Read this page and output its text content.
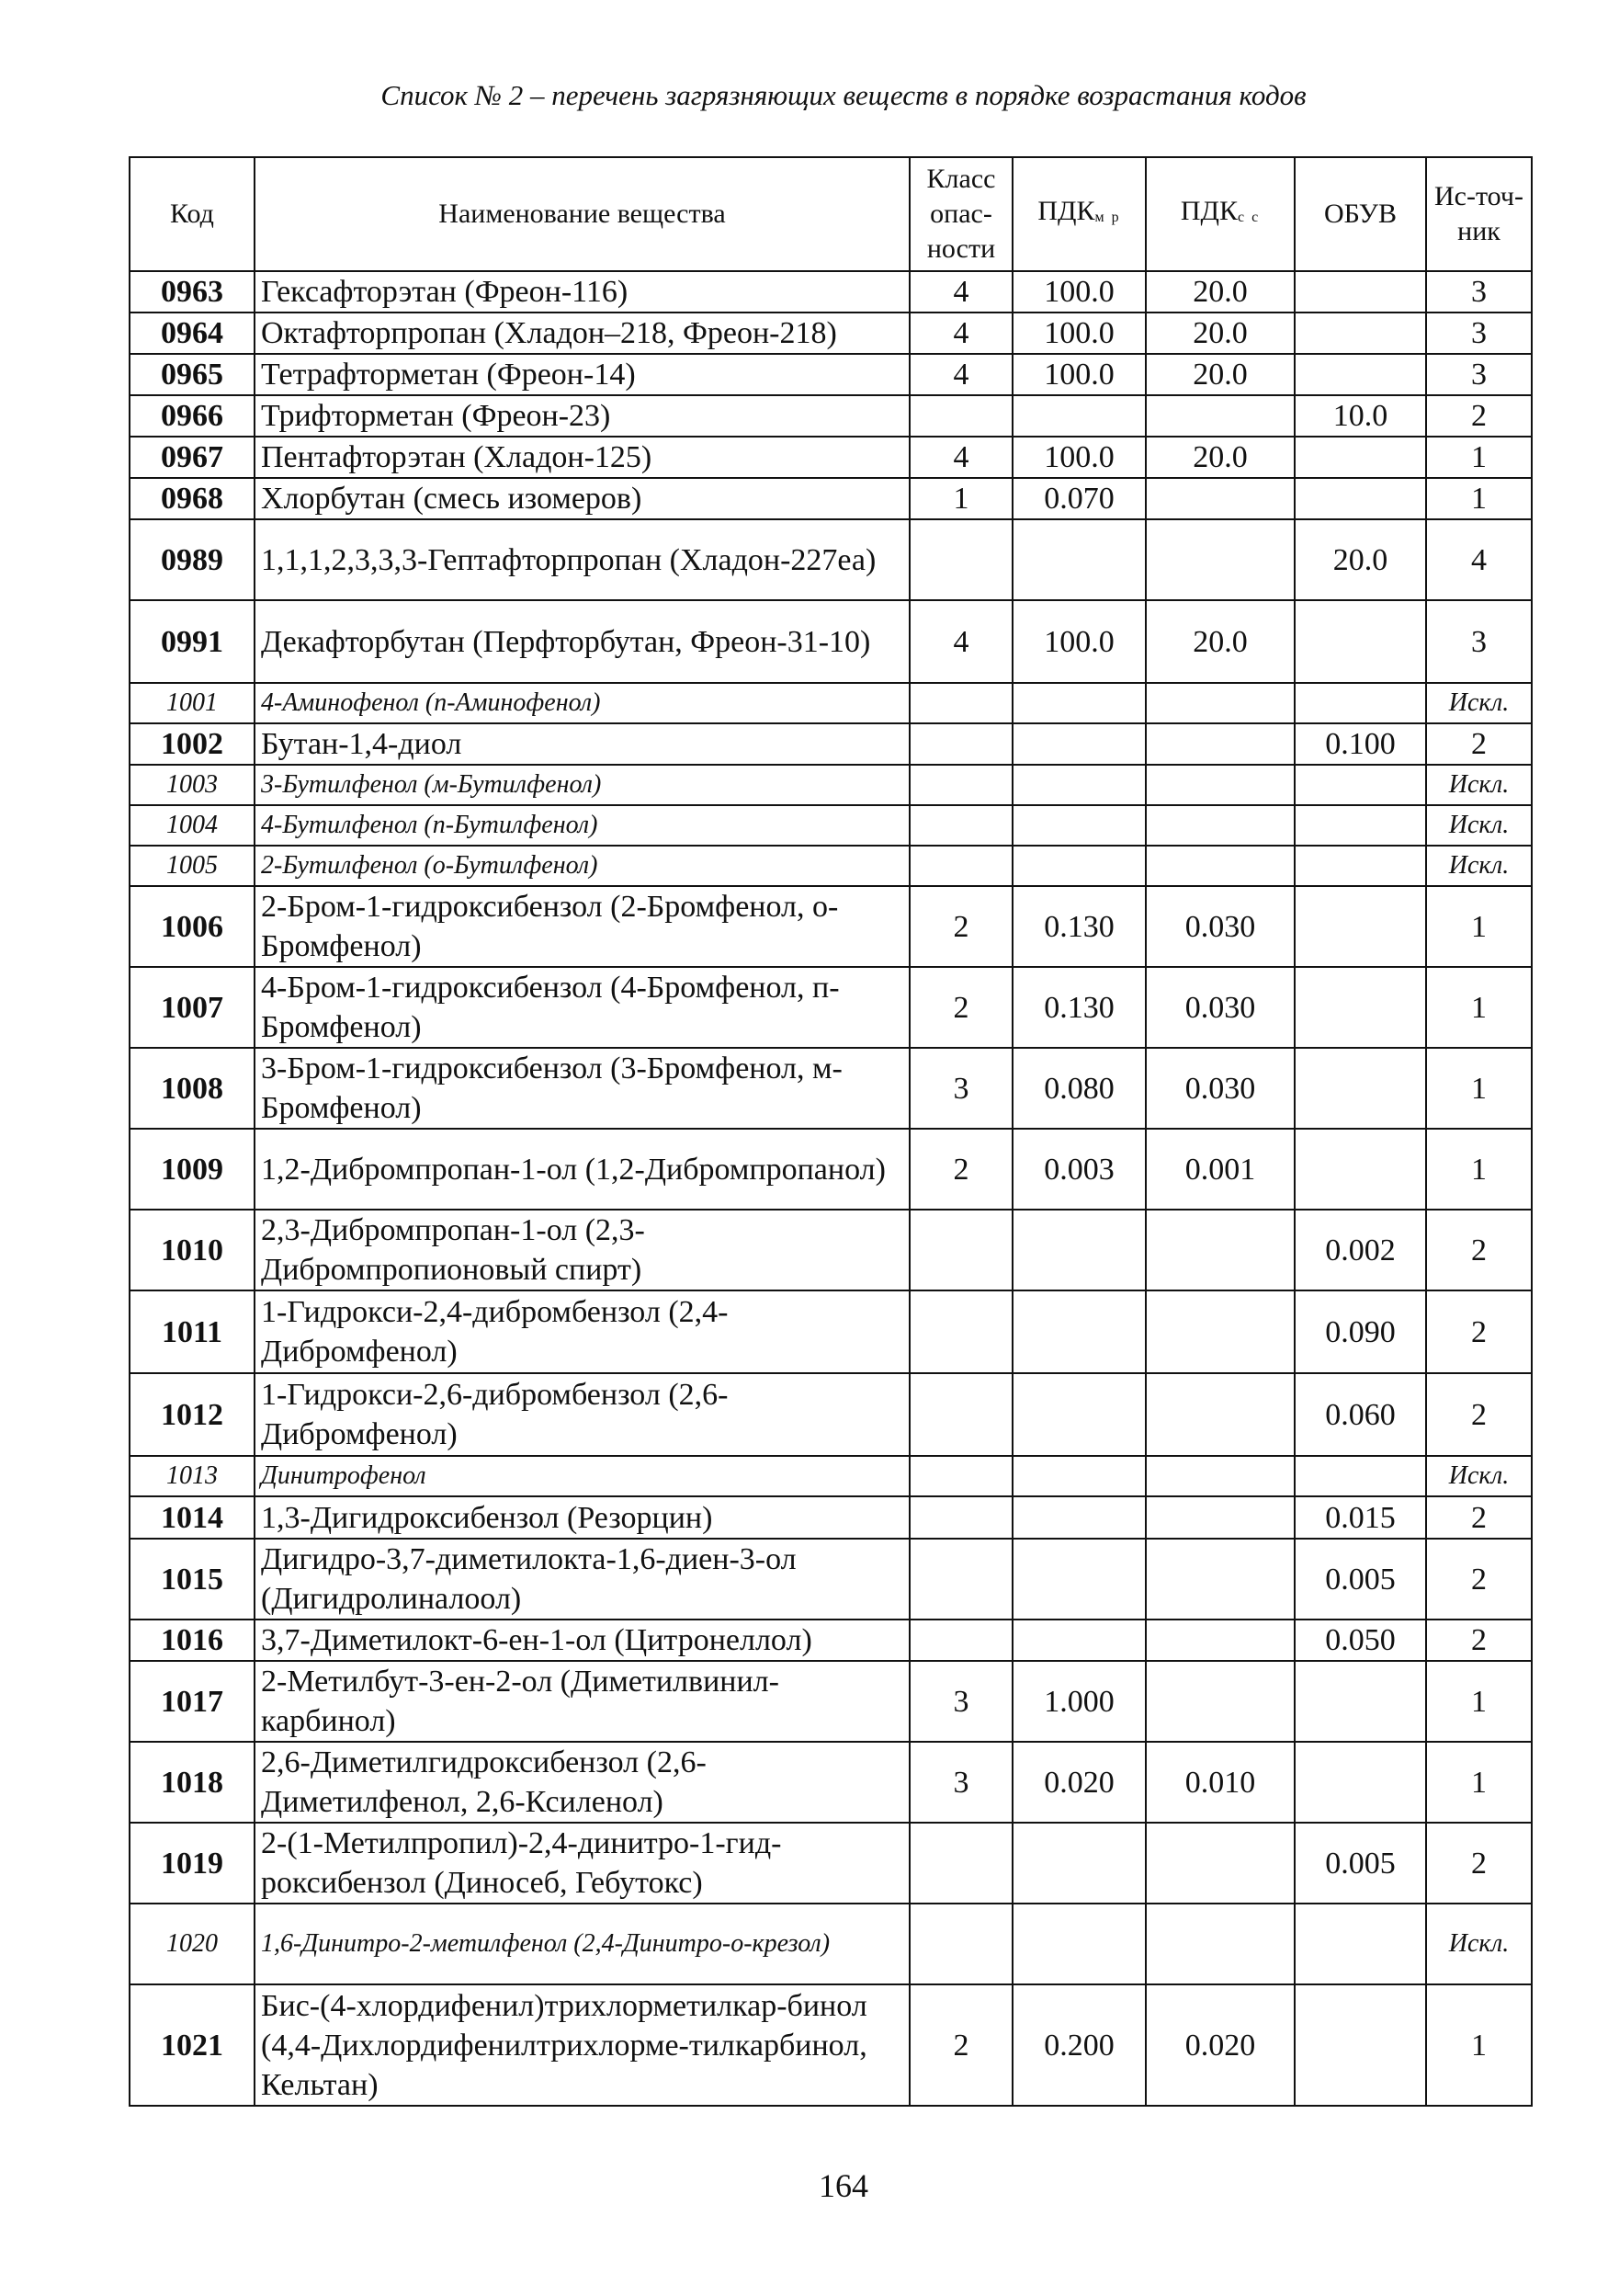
Список № 2 – перечень загрязняющих веществ в порядке возрастания кодов
Код	Наименование вещества	Класс опас-ности	$ПДК_{м р}$	$ПДК_{с с}$	ОБУВ	Ис-точ-ник
0963	Гексафторэтан (Фреон-116)	4	100.0	20.0		3
0964	Октафторпропан (Хладон–218, Фреон-218)	4	100.0	20.0		3
0965	Тетрафторметан (Фреон-14)	4	100.0	20.0		3
0966	Трифторметан (Фреон-23)				10.0	2
0967	Пентафторэтан (Хладон-125)	4	100.0	20.0		1
0968	Хлорбутан (смесь изомеров)	1	0.070			1
0989	1,1,1,2,3,3,3-Гептафторпропан (Хладон-227еа)				20.0	4
0991	Декафторбутан (Перфторбутан, Фреон-31-10)	4	100.0	20.0		3
1001	4-Аминофенол (п-Аминофенол)					Искл.
1002	Бутан-1,4-диол				0.100	2
1003	3-Бутилфенол (м-Бутилфенол)					Искл.
1004	4-Бутилфенол (п-Бутилфенол)					Искл.
1005	2-Бутилфенол (о-Бутилфенол)					Искл.
1006	2-Бром-1-гидроксибензол (2-Бромфенол, о-Бромфенол)	2	0.130	0.030		1
1007	4-Бром-1-гидроксибензол (4-Бромфенол, п-Бромфенол)	2	0.130	0.030		1
1008	3-Бром-1-гидроксибензол (3-Бромфенол, м-Бромфенол)	3	0.080	0.030		1
1009	1,2-Дибромпропан-1-ол (1,2-Дибромпропанол)	2	0.003	0.001		1
1010	2,3-Дибромпропан-1-ол (2,3-Дибромпропионовый спирт)				0.002	2
1011	1-Гидрокси-2,4-дибромбензол (2,4-Дибромфенол)				0.090	2
1012	1-Гидрокси-2,6-дибромбензол (2,6-Дибромфенол)				0.060	2
1013	Динитрофенол					Искл.
1014	1,3-Дигидроксибензол (Резорцин)				0.015	2
1015	Дигидро-3,7-диметилокта-1,6-диен-3-ол (Дигидролиналоол)				0.005	2
1016	3,7-Диметилокт-6-ен-1-ол (Цитронеллол)				0.050	2
1017	2-Метилбут-3-ен-2-ол (Диметилвинил-карбинол)	3	1.000			1
1018	2,6-Диметилгидроксибензол (2,6-Диметилфенол, 2,6-Ксиленол)	3	0.020	0.010		1
1019	2-(1-Метилпропил)-2,4-динитро-1-гид-роксибензол (Диносеб, Гебутокс)				0.005	2
1020	1,6-Динитро-2-метилфенол (2,4-Динитро-о-крезол)					Искл.
1021	Бис-(4-хлордифенил)трихлорметилкар-бинол (4,4-Дихлордифенилтрихлорме-тилкарбинол, Кельтан)	2	0.200	0.020		1
164
